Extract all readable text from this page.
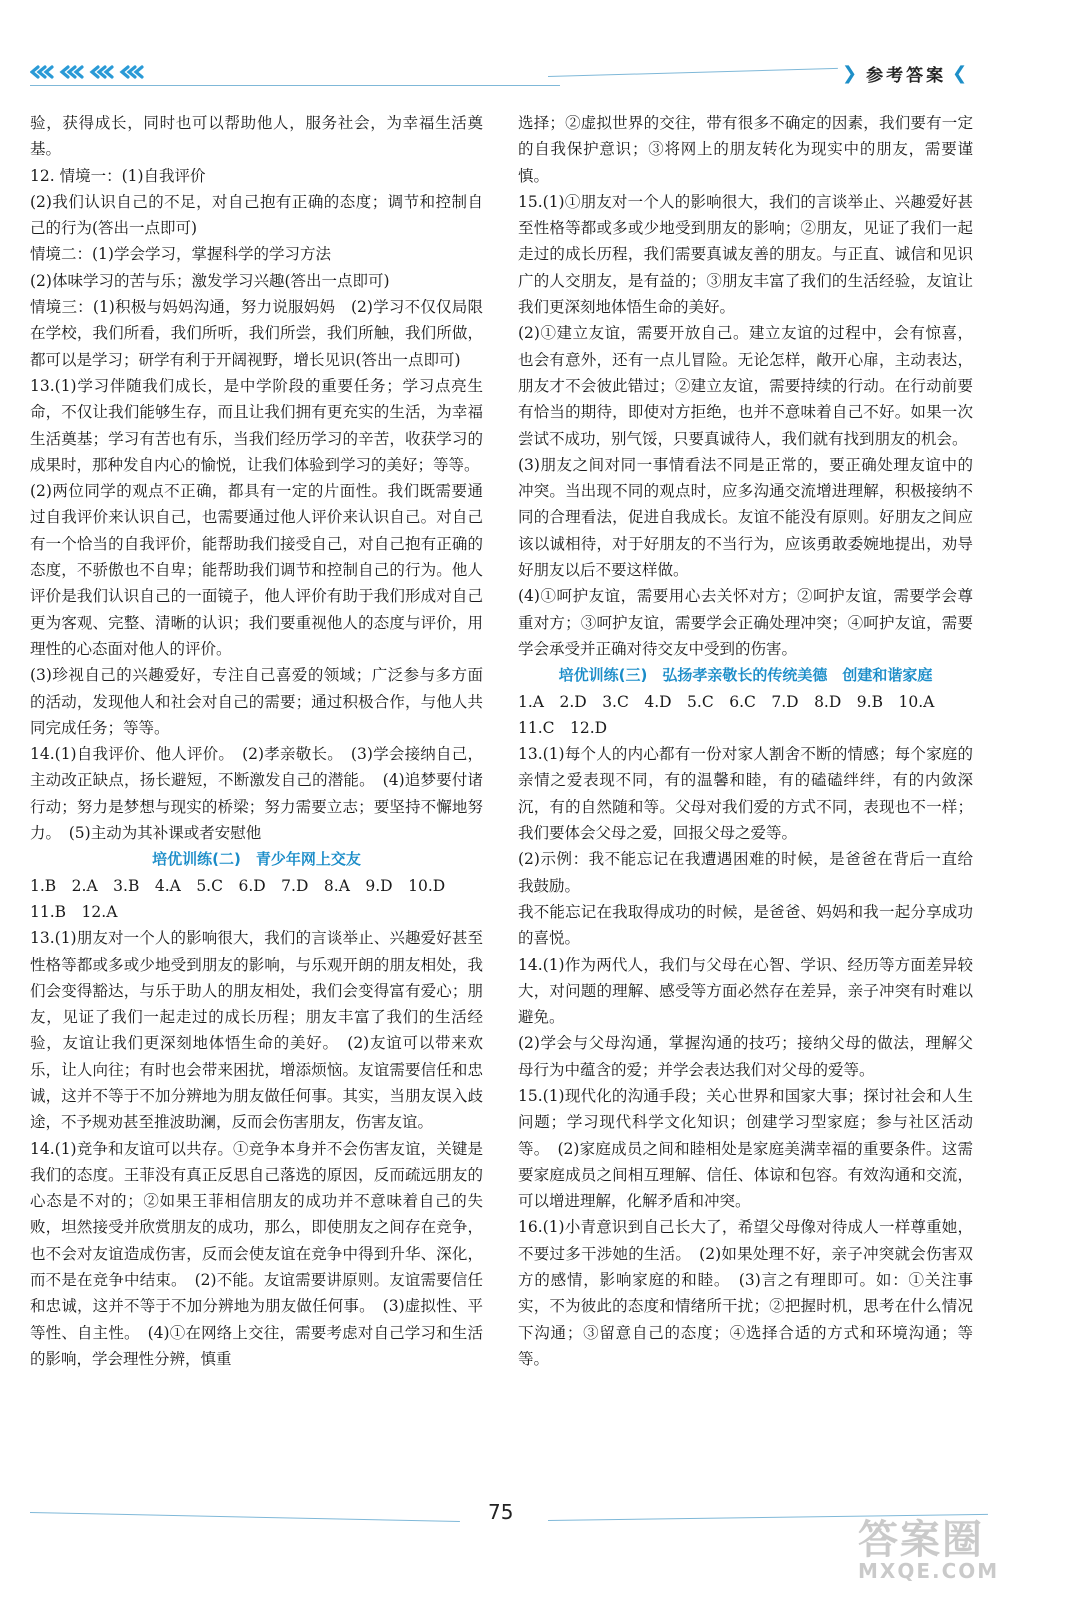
❯ 参考答案 ❮

验，获得成长，同时也可以帮助他人，服务社会，为幸福生活奠基。

12. 情境一：(1)自我评价

(2)我们认识自己的不足，对自己抱有正确的态度；调节和控制自己的行为(答出一点即可)

情境二：(1)学会学习，掌握科学的学习方法

(2)体味学习的苦与乐；激发学习兴趣(答出一点即可)

情境三：(1)积极与妈妈沟通，努力说服妈妈　(2)学习不仅仅局限在学校，我们所看，我们所听，我们所尝，我们所触，我们所做，都可以是学习；研学有利于开阔视野，增长见识(答出一点即可)

13.(1)学习伴随我们成长，是中学阶段的重要任务；学习点亮生命，不仅让我们能够生存，而且让我们拥有更充实的生活，为幸福生活奠基；学习有苦也有乐，当我们经历学习的辛苦，收获学习的成果时，那种发自内心的愉悦，让我们体验到学习的美好；等等。

(2)两位同学的观点不正确，都具有一定的片面性。我们既需要通过自我评价来认识自己，也需要通过他人评价来认识自己。对自己有一个恰当的自我评价，能帮助我们接受自己，对自己抱有正确的态度，不骄傲也不自卑；能帮助我们调节和控制自己的行为。他人评价是我们认识自己的一面镜子，他人评价有助于我们形成对自己更为客观、完整、清晰的认识；我们要重视他人的态度与评价，用理性的心态面对他人的评价。

(3)珍视自己的兴趣爱好，专注自己喜爱的领域；广泛参与多方面的活动，发现他人和社会对自己的需要；通过积极合作，与他人共同完成任务；等等。

14.(1)自我评价、他人评价。　(2)孝亲敬长。　(3)学会接纳自己，主动改正缺点，扬长避短，不断激发自己的潜能。　(4)追梦要付诸行动；努力是梦想与现实的桥梁；努力需要立志；要坚持不懈地努力。　(5)主动为其补课或者安慰他

培优训练(二)　青少年网上交友

1.B　2.A　3.B　4.A　5.C　6.D　7.D　8.A　9.D　10.D

11.B　12.A

13.(1)朋友对一个人的影响很大，我们的言谈举止、兴趣爱好甚至性格等都或多或少地受到朋友的影响，与乐观开朗的朋友相处，我们会变得豁达，与乐于助人的朋友相处，我们会变得富有爱心；朋友，见证了我们一起走过的成长历程；朋友丰富了我们的生活经验，友谊让我们更深刻地体悟生命的美好。　(2)友谊可以带来欢乐，让人向往；有时也会带来困扰，增添烦恼。友谊需要信任和忠诚，这并不等于不加分辨地为朋友做任何事。其实，当朋友误入歧途，不予规劝甚至推波助澜，反而会伤害朋友，伤害友谊。

14.(1)竞争和友谊可以共存。①竞争本身并不会伤害友谊，关键是我们的态度。王菲没有真正反思自己落选的原因，反而疏远朋友的心态是不对的；②如果王菲相信朋友的成功并不意味着自己的失败，坦然接受并欣赏朋友的成功，那么，即使朋友之间存在竞争，也不会对友谊造成伤害，反而会使友谊在竞争中得到升华、深化，而不是在竞争中结束。　(2)不能。友谊需要讲原则。友谊需要信任和忠诚，这并不等于不加分辨地为朋友做任何事。　(3)虚拟性、平等性、自主性。　(4)①在网络上交往，需要考虑对自己学习和生活的影响，学会理性分辨，慎重

选择；②虚拟世界的交往，带有很多不确定的因素，我们要有一定的自我保护意识；③将网上的朋友转化为现实中的朋友，需要谨慎。

15.(1)①朋友对一个人的影响很大，我们的言谈举止、兴趣爱好甚至性格等都或多或少地受到朋友的影响；②朋友，见证了我们一起走过的成长历程，我们需要真诚友善的朋友。与正直、诚信和见识广的人交朋友，是有益的；③朋友丰富了我们的生活经验，友谊让我们更深刻地体悟生命的美好。

(2)①建立友谊，需要开放自己。建立友谊的过程中，会有惊喜，也会有意外，还有一点儿冒险。无论怎样，敞开心扉，主动表达，朋友才不会彼此错过；②建立友谊，需要持续的行动。在行动前要有恰当的期待，即使对方拒绝，也并不意味着自己不好。如果一次尝试不成功，别气馁，只要真诚待人，我们就有找到朋友的机会。

(3)朋友之间对同一事情看法不同是正常的，要正确处理友谊中的冲突。当出现不同的观点时，应多沟通交流增进理解，积极接纳不同的合理看法，促进自我成长。友谊不能没有原则。好朋友之间应该以诚相待，对于好朋友的不当行为，应该勇敢委婉地提出，劝导好朋友以后不要这样做。

(4)①呵护友谊，需要用心去关怀对方；②呵护友谊，需要学会尊重对方；③呵护友谊，需要学会正确处理冲突；④呵护友谊，需要学会承受并正确对待交友中受到的伤害。

培优训练(三)　弘扬孝亲敬长的传统美德　创建和谐家庭

1.A　2.D　3.C　4.D　5.C　6.C　7.D　8.D　9.B　10.A

11.C　12.D

13.(1)每个人的内心都有一份对家人割舍不断的情感；每个家庭的亲情之爱表现不同，有的温馨和睦，有的磕磕绊绊，有的内敛深沉，有的自然随和等。父母对我们爱的方式不同，表现也不一样；我们要体会父母之爱，回报父母之爱等。

(2)示例：我不能忘记在我遭遇困难的时候，是爸爸在背后一直给我鼓励。

我不能忘记在我取得成功的时候，是爸爸、妈妈和我一起分享成功的喜悦。

14.(1)作为两代人，我们与父母在心智、学识、经历等方面差异较大，对问题的理解、感受等方面必然存在差异，亲子冲突有时难以避免。

(2)学会与父母沟通，掌握沟通的技巧；接纳父母的做法，理解父母行为中蕴含的爱；并学会表达我们对父母的爱等。

15.(1)现代化的沟通手段；关心世界和国家大事；探讨社会和人生问题；学习现代科学文化知识；创建学习型家庭；参与社区活动等。　(2)家庭成员之间和睦相处是家庭美满幸福的重要条件。这需要家庭成员之间相互理解、信任、体谅和包容。有效沟通和交流，可以增进理解，化解矛盾和冲突。

16.(1)小青意识到自己长大了，希望父母像对待成人一样尊重她，不要过多干涉她的生活。　(2)如果处理不好，亲子冲突就会伤害双方的感情，影响家庭的和睦。　(3)言之有理即可。如：①关注事实，不为彼此的态度和情绪所干扰；②把握时机，思考在什么情况下沟通；③留意自己的态度；④选择合适的方式和环境沟通；等等。

75
答案圈
MXQE.COM
